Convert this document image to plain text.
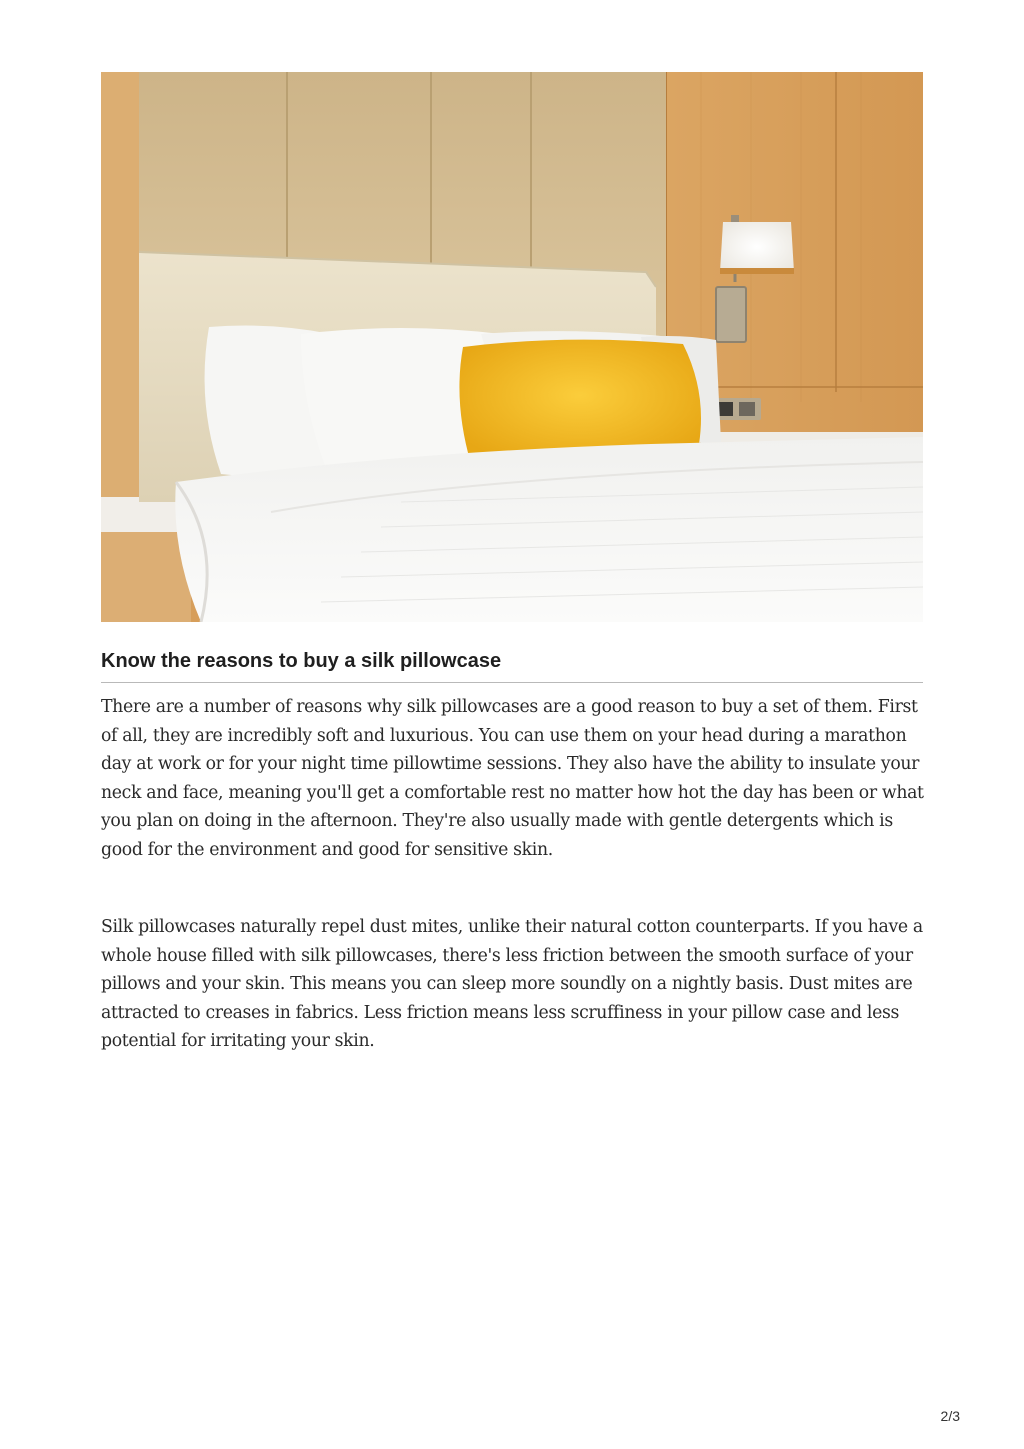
Know the reasons to buy a silk pillowcase

There are a number of reasons why silk pillowcases are a good reason to buy a set of them. First of all, they are incredibly soft and luxurious. You can use them on your head during a marathon day at work or for your night time pillowtime sessions. They also have the ability to insulate your neck and face, meaning you'll get a comfortable rest no matter how hot the day has been or what you plan on doing in the afternoon. They're also usually made with gentle detergents which is good for the environment and good for sensitive skin.

Silk pillowcases naturally repel dust mites, unlike their natural cotton counterparts. If you have a whole house filled with silk pillowcases, there's less friction between the smooth surface of your pillows and your skin. This means you can sleep more soundly on a nightly basis. Dust mites are attracted to creases in fabrics. Less friction means less scruffiness in your pillow case and less potential for irritating your skin.

2/3
